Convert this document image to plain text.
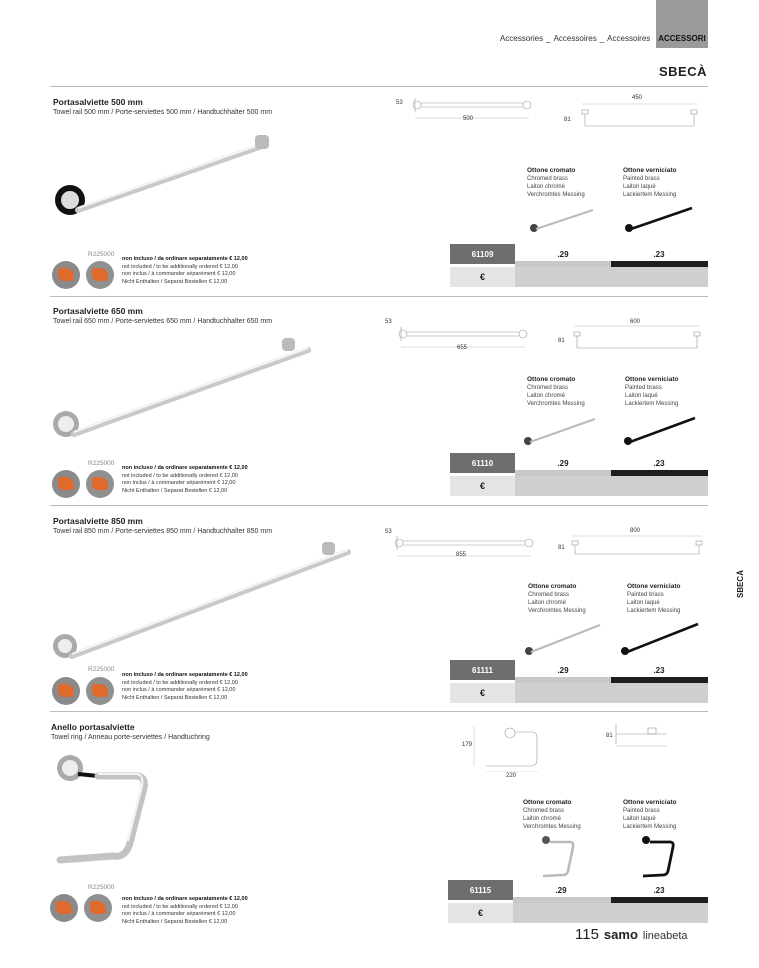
Accessories _ Accessoires _ Accessoires ACCESSORI
SBECÀ
Portasalviette 500 mm
Towel rail 500 mm / Porte-serviettes 500 mm / Handtuchhalter 500 mm
53
500
450
81
Ottone cromato
Chromed brass
Laiton chromé
Verchromtes Messing
Ottone verniciato
Painted brass
Laiton laqué
Lackiertem Messing
61109	.29	.23
€
R225000
non incluso / da ordinare separatamente € 12,00
not included / to be additionally ordered € 12,00
non inclus / à commander séparément € 12,00
Nicht Enthalten / Separat Bestellen € 12,00
Portasalviette 650 mm
Towel rail 650 mm / Porte-serviettes 650 mm / Handtuchhalter 650 mm	53
655
600
81
Ottone cromato
Chromed brass
Laiton chromé
Verchromtes Messing
Ottone verniciato
Painted brass
Laiton laqué
Lackiertem Messing
61110	.29	.23
€
R225000
non incluso / da ordinare separatamente € 12,00
not included / to be additionally ordered € 12,00
non inclus / à commander séparément € 12,00
Nicht Enthalten / Separat Bestellen € 12,00
Portasalviette 850 mm
Towel rail 850 mm / Porte-serviettes 850 mm / Handtuchhalter 850 mm	53
855
800
81
Ottone cromato
Chromed brass
Laiton chromé
Verchromtes Messing
Ottone verniciato
Painted brass
Laiton laqué
Lackiertem Messing
61111	.29	.23
€
R225000
non incluso / da ordinare separatamente € 12,00
not included / to be additionally ordered € 12,00
non inclus / à commander séparément € 12,00
Nicht Enthalten / Separat Bestellen € 12,00
Anello portasalviette
Towel ring / Anneau porte-serviettes / Handtuchring
179
220
81
Ottone cromato
Chromed brass
Laiton chromé
Verchromtes Messing
Ottone verniciato
Painted brass
Laiton laqué
Lackiertem Messing
61115	.29	.23
€
R225000
non incluso / da ordinare separatamente € 12,00
not included / to be additionally ordered € 12,00
non inclus / à commander séparément € 12,00
Nicht Enthalten / Separat Bestellen € 12,00
SBECÀ
115 samo lineabeta
